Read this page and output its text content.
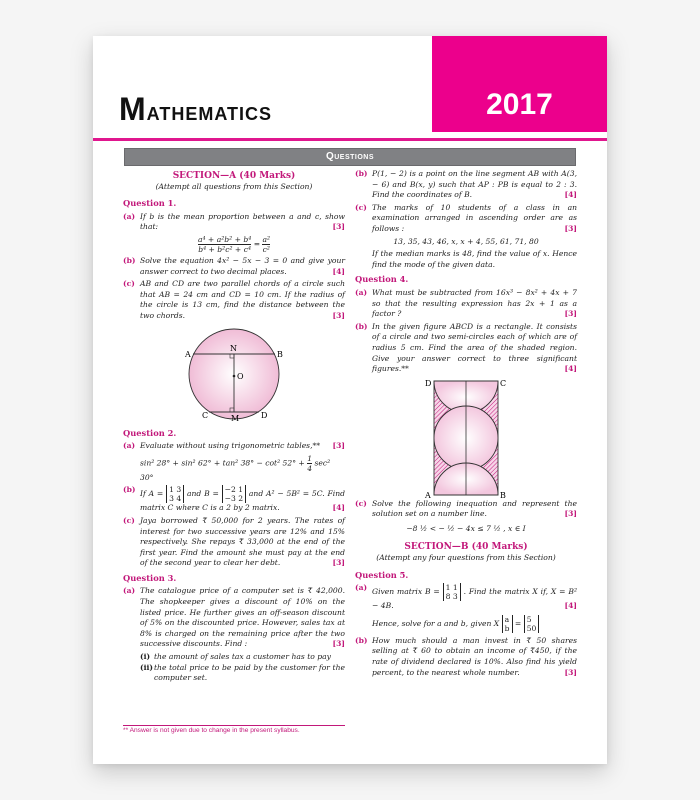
Mathematics	2017
Questions
SECTION—A (40 Marks)
(Attempt all questions from this Section)
Question 1.
(a) If b is the mean proportion between a and c, show that:	[3]
$\frac{\text{a⁴ + a²b² + b⁴}}{\text{b⁴ + b²c² + c⁴}} = \frac{\text{a²}}{\text{c²}}$
(b) Solve the equation 4x² − 5x − 3 = 0 and give your answer correct to two decimal places.	[4]
(c) AB and CD are two parallel chords of a circle such that AB = 24 cm and CD = 10 cm. If the radius of the circle is 13 cm, find the distance between the two chords.	[3]
A	B
N
O
C	D
M
Question 2.
(a) Evaluate without using trigonometric tables,** [3]
sin² 28° + sin² 62° + tan² 38° − cot² $52^\circ + \frac{1}{4} \sec^2$ 30°
(b) If A = 1 3
3 4
and B = −2 1
−3 2
and A² − 5B² = 5C. Find matrix C where C is a 2 by 2 matrix.	[4]
(c) Jaya borrowed ₹ 50,000 for 2 years. The rates of interest for two successive years are 12% and 15% respectively. She repays ₹ 33,000 at the end of the first year. Find the amount she must pay at the end of the second year to clear her debt.	[3]
Question 3.
(a) The catalogue price of a computer set is ₹ 42,000. The shopkeeper gives a discount of 10% on the listed price. He further gives an off-season discount of 5% on the discounted price. However, sales tax at 8% is charged on the remaining price after the two successive discounts. Find :	[3]
(i) the amount of sales tax a customer has to pay
(ii) the total price to be paid by the customer for the computer set.
** Answer is not given due to change in the present syllabus.
(b) P(1, − 2) is a point on the line segment AB with A(3, − 6) and B(x, y) such that AP : PB is equal to 2 : 3. Find the coordinates of B.	[4]
(c) The marks of 10 students of a class in an examination arranged in ascending order are as follows :	[3]
13, 35, 43, 46, x, x + 4, 55, 61, 71, 80
If the median marks is 48, find the value of x. Hence find the mode of the given data.
Question 4.
(a) What must be subtracted from 16x³ − 8x² + 4x + 7 so that the resulting expression has 2x + 1 as a factor ?	[3]
(b) In the given figure ABCD is a rectangle. It consists of a circle and two semi-circles each of which are of radius 5 cm. Find the area of the shaded region. Give your answer correct to three significant figures.**	[4]
D	C
A	B
(c) Solve the following inequation and represent the solution set on a number line.	[3]
−8 ½ < − ½ − 4x ≤ 7 ½ , x ∈ I
SECTION—B (40 Marks)
(Attempt any four questions from this Section)
Question 5.
(a) Given matrix B = 1 1
8 3
. Find the matrix X if, X = B² − 4B.	[4]
Hence, solve for a and b, given X a
b
= 5
50
(b) How much should a man invest in ₹ 50 shares selling at ₹ 60 to obtain an income of ₹450, if the rate of dividend declared is 10%. Also find his yield percent, to the nearest whole number.	[3]
